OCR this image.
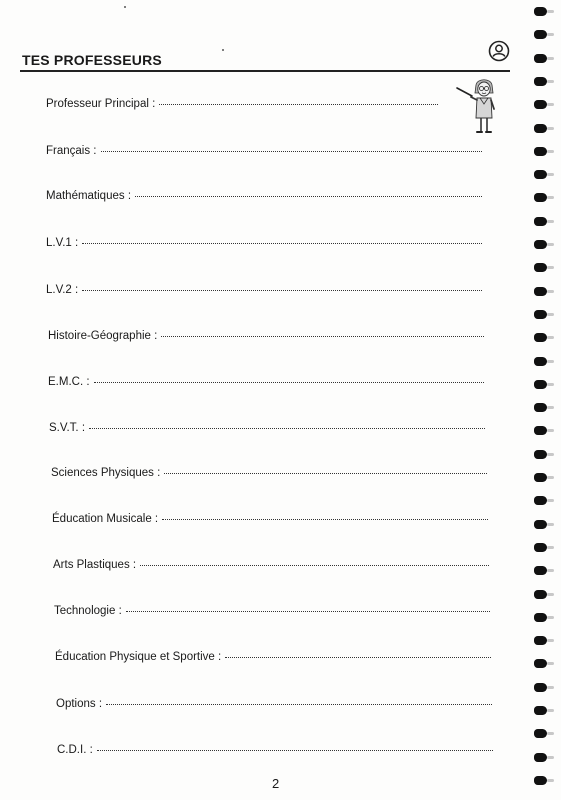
TES PROFESSEURS
Professeur Principal :
Français :
Mathématiques :
L.V.1 :
L.V.2 :
Histoire-Géographie :
E.M.C. :
S.V.T. :
Sciences Physiques :
Éducation Musicale :
Arts Plastiques :
Technologie :
Éducation Physique et Sportive :
Options :
C.D.I. :
2
